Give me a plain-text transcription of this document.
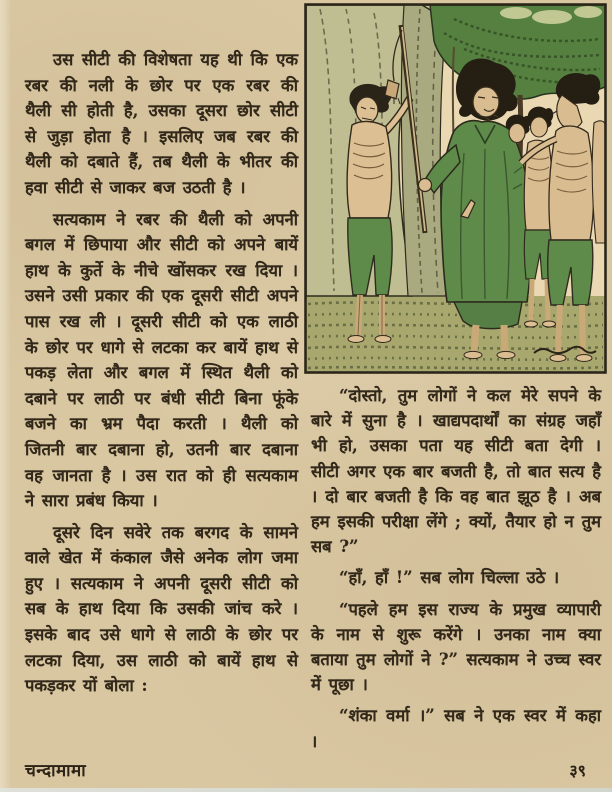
उस सीटी की विशेषता यह थी कि एक रबर की नली के छोर पर एक रबर की थैली सी होती है, उसका दूसरा छोर सीटी से जुड़ा होता है । इसलिए जब रबर की थैली को दबाते हैं, तब थैली के भीतर की हवा सीटी से जाकर बज उठती है ।

सत्यकाम ने रबर की थैली को अपनी बगल में छिपाया और सीटी को अपने बायें हाथ के कुर्ते के नीचे खोंसकर रख दिया । उसने उसी प्रकार की एक दूसरी सीटी अपने पास रख ली । दूसरी सीटी को एक लाठी के छोर पर धागे से लटका कर बायें हाथ से पकड़ लेता और बगल में स्थित थैली को दबाने पर लाठी पर बंधी सीटी बिना फूंके बजने का भ्रम पैदा करती । थैली को जितनी बार दबाना हो, उतनी बार दबाना वह जानता है । उस रात को ही सत्यकाम ने सारा प्रबंध किया ।

दूसरे दिन सवेरे तक बरगद के सामने वाले खेत में कंकाल जैसे अनेक लोग जमा हुए । सत्यकाम ने अपनी दूसरी सीटी को सब के हाथ दिया कि उसकी जांच करे । इसके बाद उसे धागे से लाठी के छोर पर लटका दिया, उस लाठी को बायें हाथ से पकड़कर यों बोला :

“दोस्तो, तुम लोगों ने कल मेरे सपने के बारे में सुना है । खाद्यपदार्थों का संग्रह जहाँ भी हो, उसका पता यह सीटी बता देगी । सीटी अगर एक बार बजती है, तो बात सत्य है । दो बार बजती है कि वह बात झूठ है । अब हम इसकी परीक्षा लेंगे ; क्यों, तैयार हो न तुम सब ?”

“हाँ, हाँ !” सब लोग चिल्ला उठे ।

“पहले हम इस राज्य के प्रमुख व्यापारी के नाम से शुरू करेंगे । उनका नाम क्या बताया तुम लोगों ने ?” सत्यकाम ने उच्च स्वर में पूछा ।

“शंका वर्मा ।” सब ने एक स्वर में कहा ।

चन्दामामा	३९
